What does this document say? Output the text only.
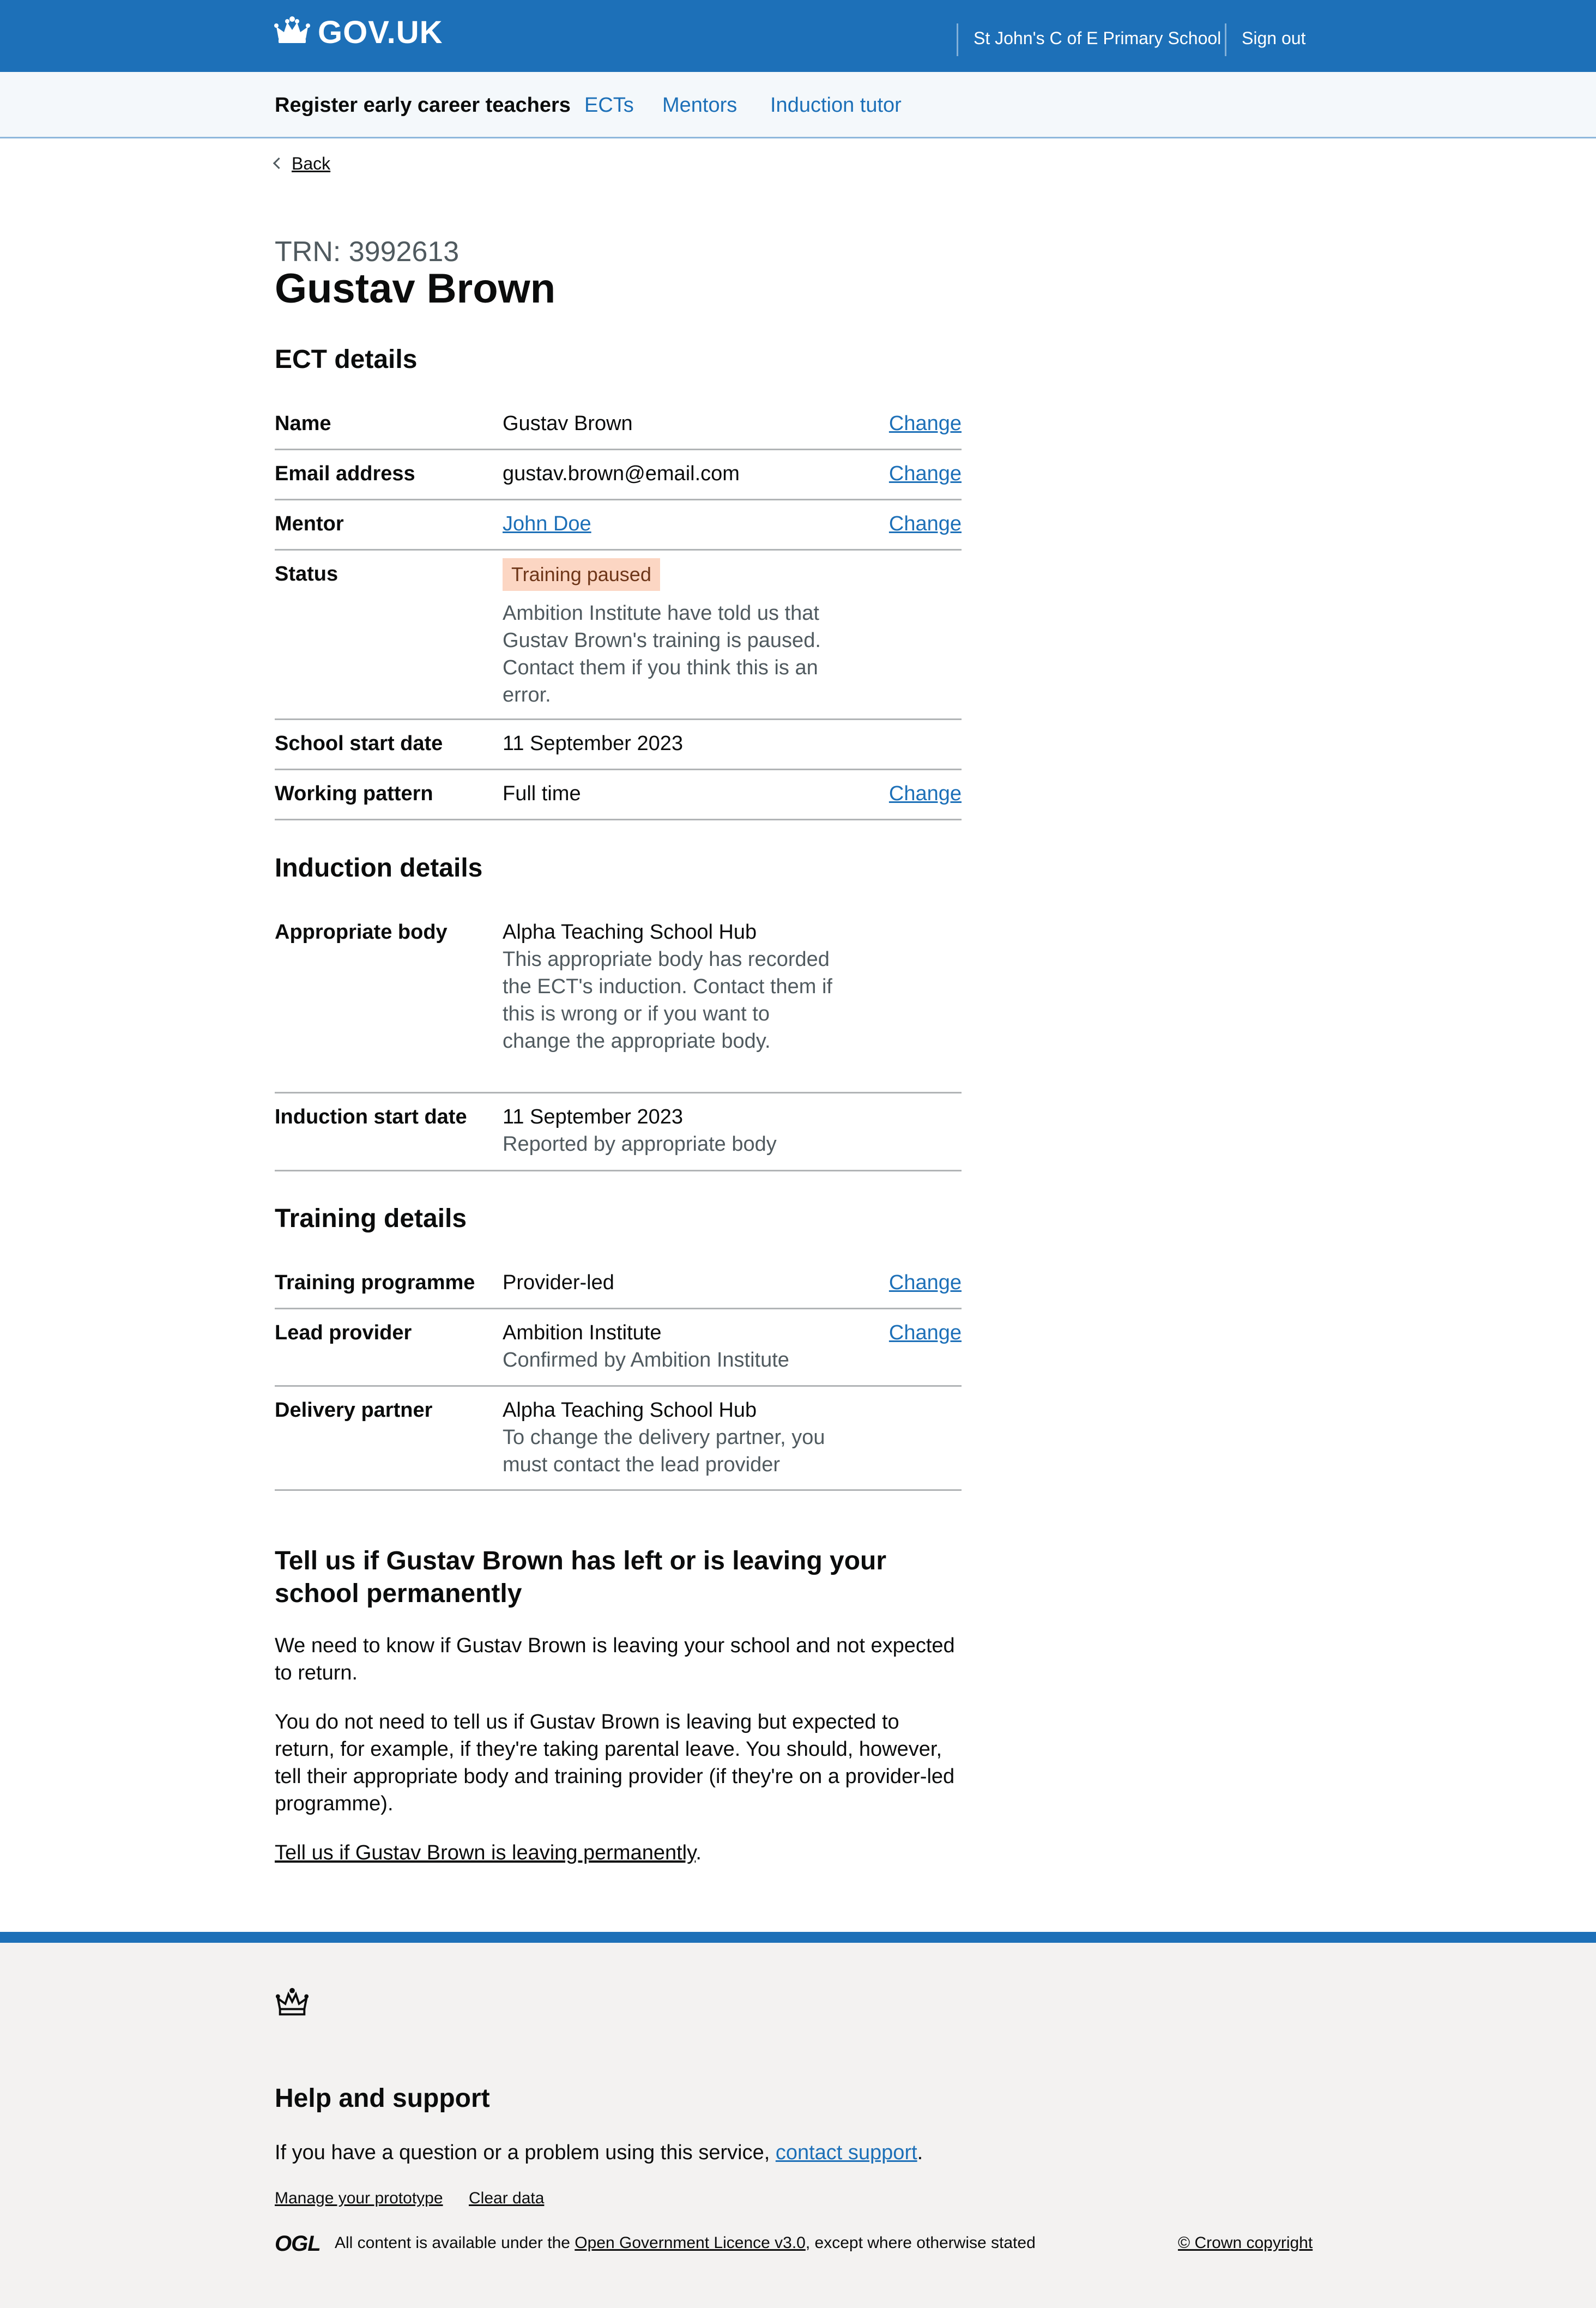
GOV.UK	St John's C of E Primary School Sign out
Register early career teachers ECTs Mentors Induction tutor
Back
TRN: 3992613
Gustav Brown
ECT details
Name	Gustav Brown	Change
Email address	gustav.brown@email.com	Change
Mentor	John Doe	Change
Status	Training paused
Ambition Institute have told us that Gustav Brown's training is paused. Contact them if you think this is an error.
School start date	11 September 2023
Working pattern	Full time	Change
Induction details
Appropriate body	Alpha Teaching School Hub
This appropriate body has recorded the ECT's induction. Contact them if this is wrong or if you want to change the appropriate body.
Induction start date 11 September 2023
Reported by appropriate body
Training details
Training programme Provider-led	Change
Lead provider	Ambition Institute
Confirmed by Ambition Institute
Change
Delivery partner	Alpha Teaching School Hub
To change the delivery partner, you must contact the lead provider
Tell us if Gustav Brown has left or is leaving your school permanently

We need to know if Gustav Brown is leaving your school and not expected to return.

You do not need to tell us if Gustav Brown is leaving but expected to return, for example, if they're taking parental leave. You should, however, tell their appropriate body and training provider (if they're on a provider-led programme).

Tell us if Gustav Brown is leaving permanently.
Help and support
If you have a question or a problem using this service, contact support.
Manage your prototype Clear data
OGL All content is available under the Open Government Licence v3.0, except where otherwise stated	© Crown copyright
